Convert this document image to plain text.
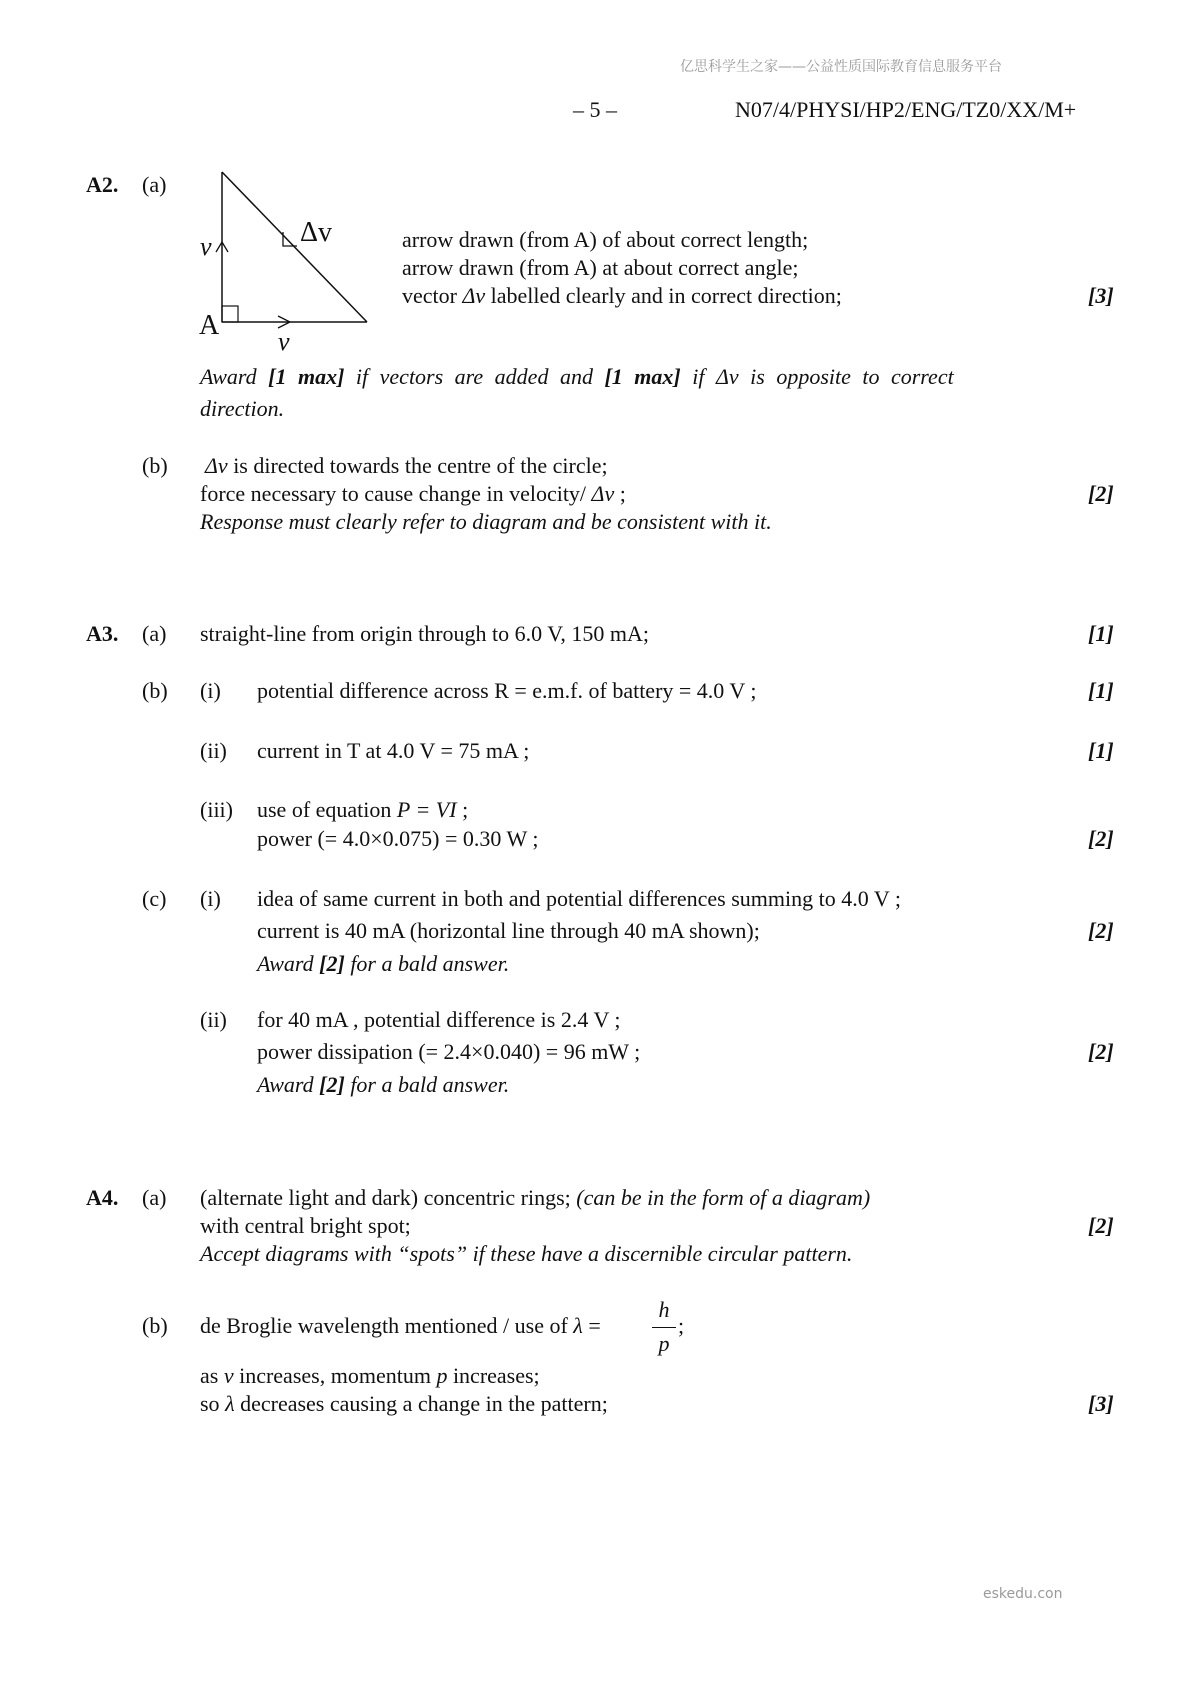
亿思科学生之家——公益性质国际教育信息服务平台
– 5 –	N07/4/PHYSI/HP2/ENG/TZ0/XX/M+
A2. (a)
v	Δv
A
v
arrow drawn (from A) of about correct length;
arrow drawn (from A) at about correct angle;
vector Δv labelled clearly and in correct direction;	[3]
Award [1 max] if vectors are added and [1 max] if Δv is opposite to correct
direction.
(b) Δv is directed towards the centre of the circle;
force necessary to cause change in velocity/ Δv ;
Response must clearly refer to diagram and be consistent with it.
[2]
A3. (a) straight-line from origin through to 6.0 V, 150 mA;	[1]
(b) (i) potential difference across R = e.m.f. of battery = 4.0 V ;	[1]
(ii) current in T at 4.0 V = 75 mA ;	[1]
(iii) use of equation P = VI ;
power (= 4.0×0.075) = 0.30 W ;	[2]
(c) (i) idea of same current in both and potential differences summing to 4.0 V ;
current is 40 mA (horizontal line through 40 mA shown);
Award [2] for a bald answer.
[2]
(ii) for 40 mA , potential difference is 2.4 V ;
power dissipation (= 2.4×0.040) = 96 mW ;
Award [2] for a bald answer.
[2]
A4. (a) (alternate light and dark) concentric rings; (can be in the form of a diagram)
with central bright spot;
Accept diagrams with “spots” if these have a discernible circular pattern.
[2]
(b) de Broglie wavelength mentioned / use of λ =
h
p
;
as v increases, momentum p increases;
so λ decreases causing a change in the pattern;	[3]
eskedu.con
